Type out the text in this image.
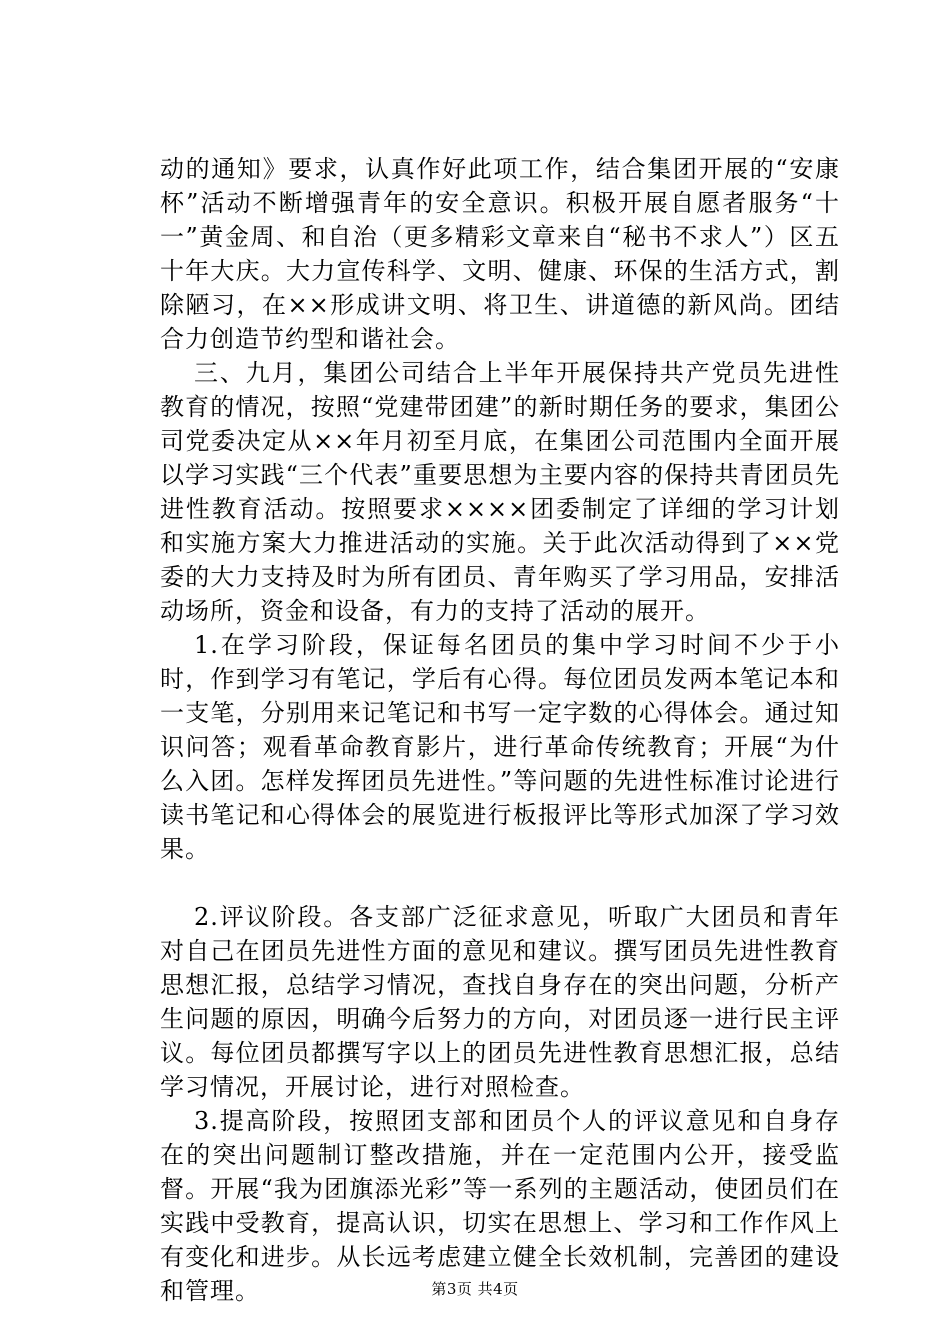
动的通知》要求，认真作好此项工作，结合集团开展的“安康杯”活动不断增强青年的安全意识。积极开展自愿者服务“十一”黄金周、和自治（更多精彩文章来自“秘书不求人”）区五十年大庆。大力宣传科学、文明、健康、环保的生活方式，割除陋习，在××形成讲文明、将卫生、讲道德的新风尚。团结合力创造节约型和谐社会。

三、九月，集团公司结合上半年开展保持共产党员先进性教育的情况，按照“党建带团建”的新时期任务的要求，集团公司党委决定从××年月初至月底，在集团公司范围内全面开展以学习实践“三个代表”重要思想为主要内容的保持共青团员先进性教育活动。按照要求××××团委制定了详细的学习计划和实施方案大力推进活动的实施。关于此次活动得到了××党委的大力支持及时为所有团员、青年购买了学习用品，安排活动场所，资金和设备，有力的支持了活动的展开。

1.在学习阶段，保证每名团员的集中学习时间不少于小时，作到学习有笔记，学后有心得。每位团员发两本笔记本和一支笔，分别用来记笔记和书写一定字数的心得体会。通过知识问答；观看革命教育影片，进行革命传统教育；开展“为什么入团。怎样发挥团员先进性。”等问题的先进性标准讨论进行读书笔记和心得体会的展览进行板报评比等形式加深了学习效果。

2.评议阶段。各支部广泛征求意见，听取广大团员和青年对自己在团员先进性方面的意见和建议。撰写团员先进性教育思想汇报，总结学习情况，查找自身存在的突出问题，分析产生问题的原因，明确今后努力的方向，对团员逐一进行民主评议。每位团员都撰写字以上的团员先进性教育思想汇报，总结学习情况，开展讨论，进行对照检查。

3.提高阶段，按照团支部和团员个人的评议意见和自身存在的突出问题制订整改措施，并在一定范围内公开，接受监督。开展“我为团旗添光彩”等一系列的主题活动，使团员们在实践中受教育，提高认识，切实在思想上、学习和工作作风上有变化和进步。从长远考虑建立健全长效机制，完善团的建设和管理。	第3页 共4页
